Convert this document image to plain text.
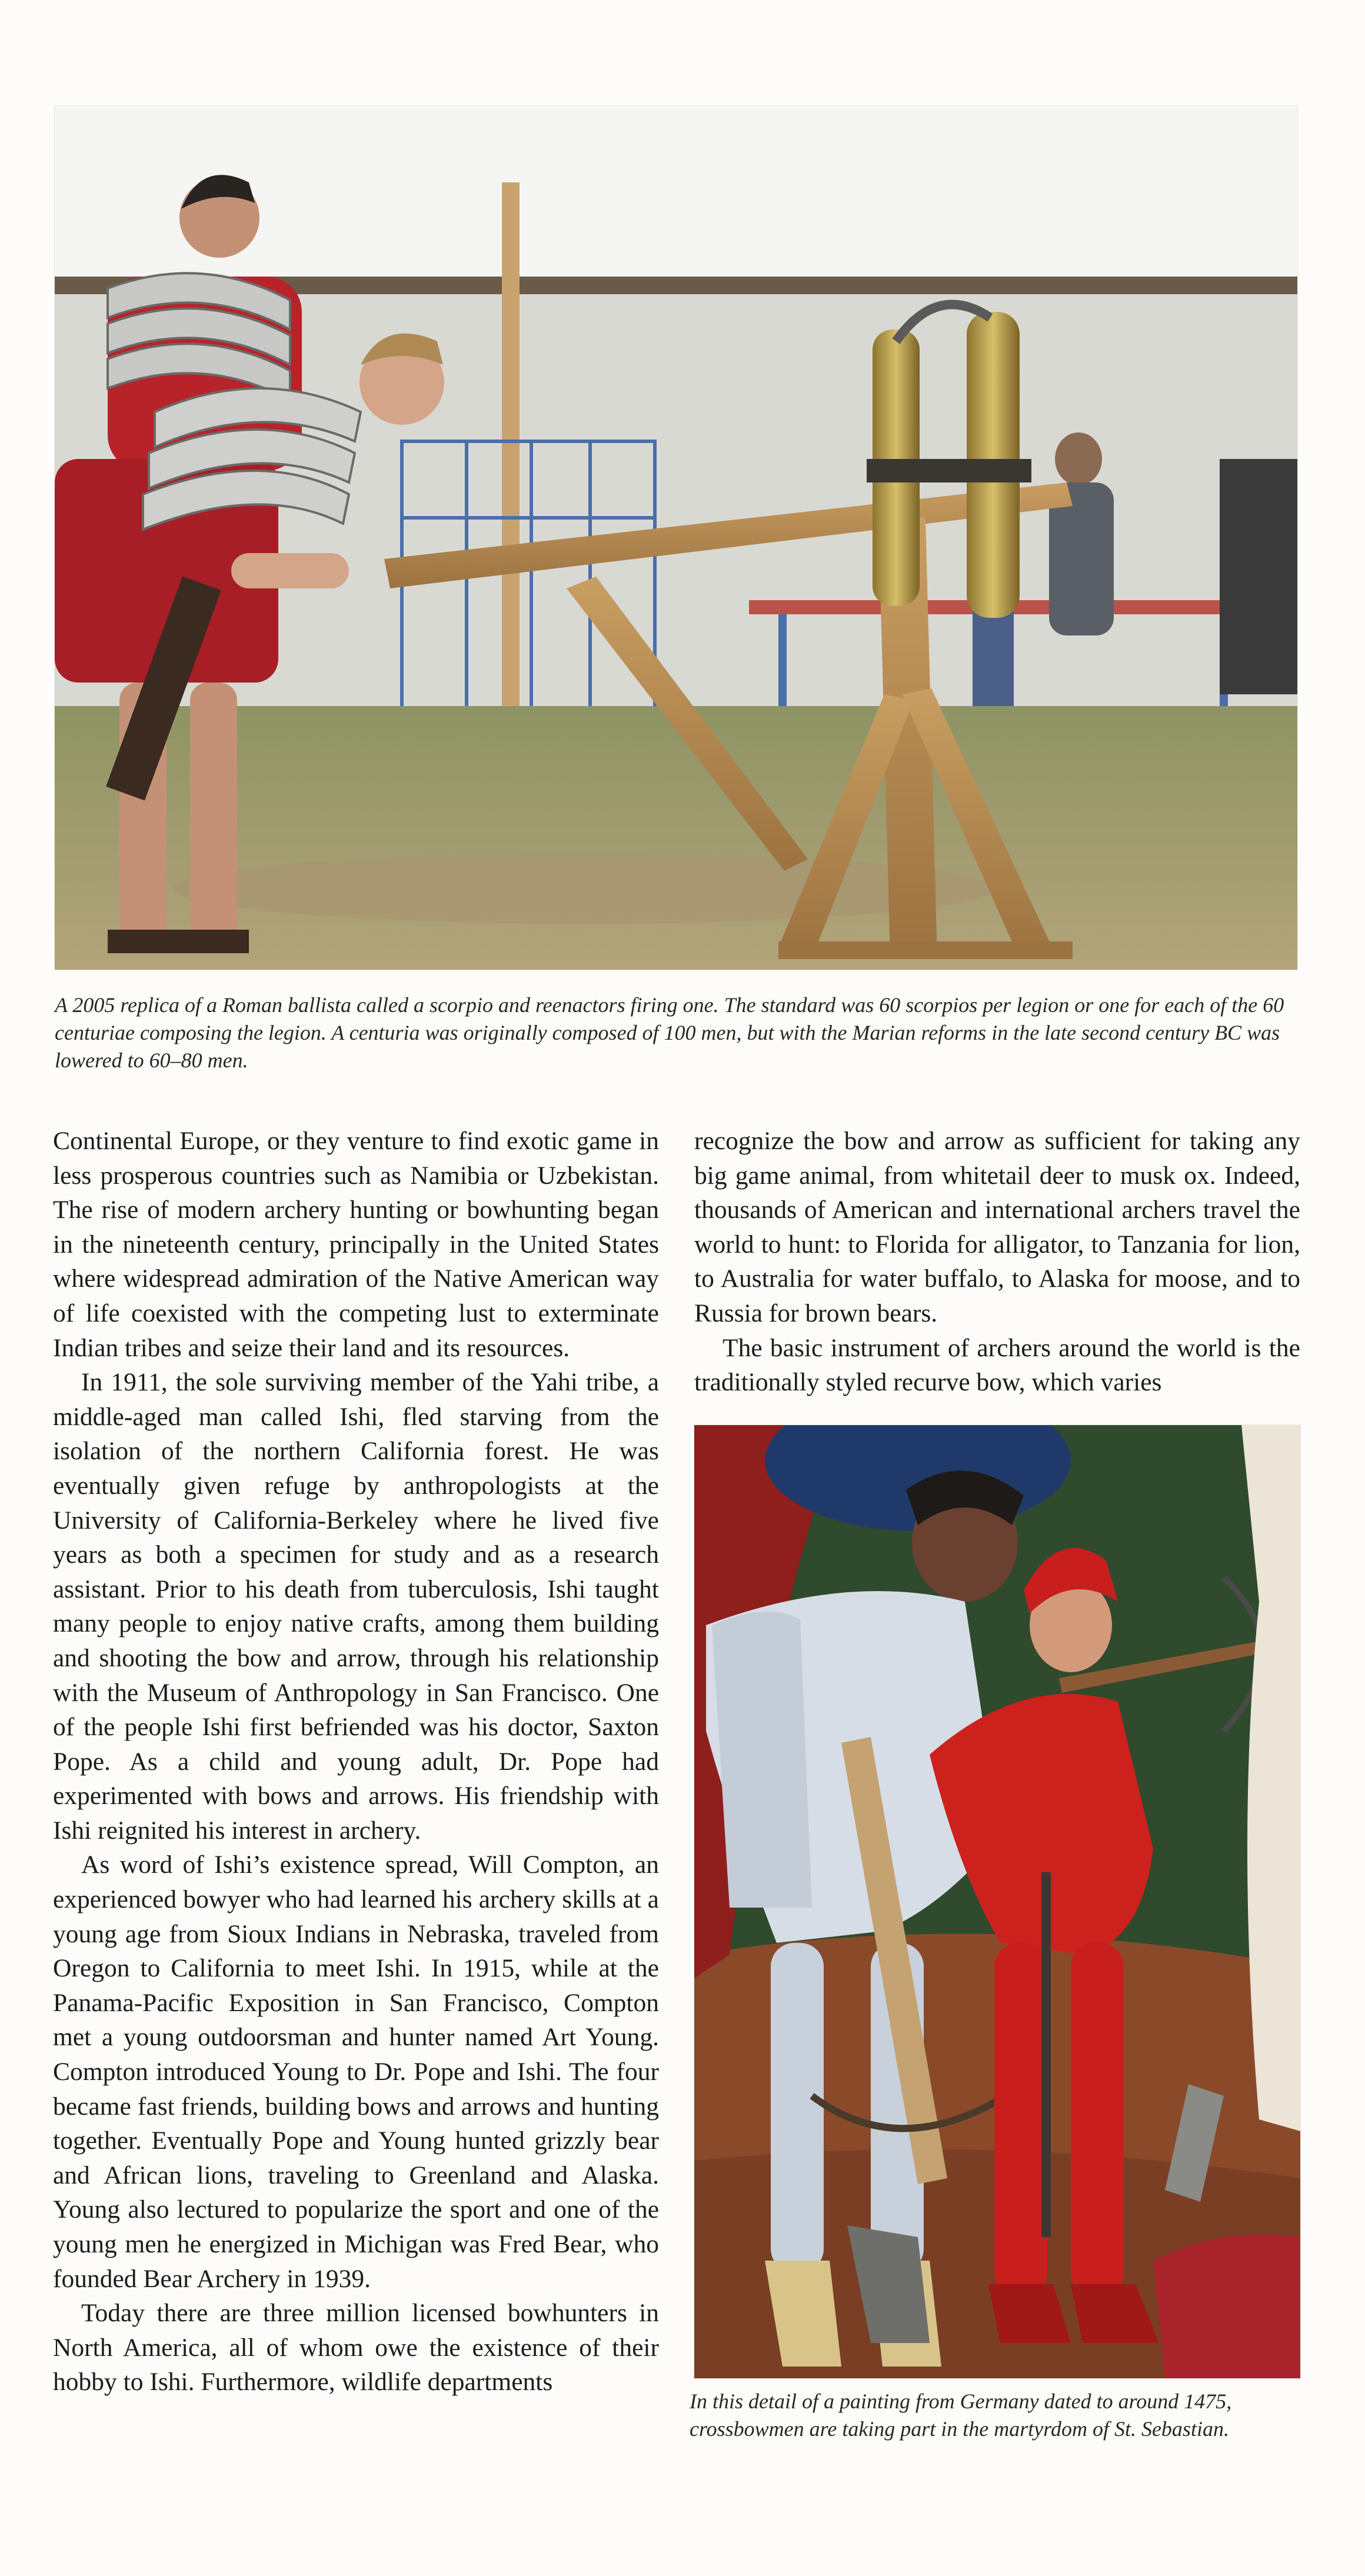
A 2005 replica of a Roman ballista called a scorpio and reenactors firing one. The standard was 60 scorpios per legion or one for each of the 60 centuriae composing the legion. A centuria was originally composed of 100 men, but with the Marian reforms in the late second century BC was lowered to 60–80 men.

Continental Europe, or they venture to find exotic game in less prosperous countries such as Namibia or Uzbekistan. The rise of modern archery hunting or bowhunting began in the nineteenth century, principally in the United States where widespread admiration of the Native American way of life coexisted with the competing lust to exterminate Indian tribes and seize their land and its resources.

In 1911, the sole surviving member of the Yahi tribe, a middle-aged man called Ishi, fled starving from the isolation of the northern California forest. He was eventually given refuge by anthropologists at the University of California-Berkeley where he lived five years as both a specimen for study and as a research assistant. Prior to his death from tuberculosis, Ishi taught many people to enjoy native crafts, among them building and shooting the bow and arrow, through his relationship with the Museum of Anthropology in San Francisco. One of the people Ishi first befriended was his doctor, Saxton Pope. As a child and young adult, Dr. Pope had experimented with bows and arrows. His friendship with Ishi reignited his interest in archery.

As word of Ishi’s existence spread, Will Compton, an experienced bowyer who had learned his archery skills at a young age from Sioux Indians in Nebraska, traveled from Oregon to California to meet Ishi. In 1915, while at the Panama-Pacific Exposition in San Francisco, Compton met a young outdoorsman and hunter named Art Young. Compton introduced Young to Dr. Pope and Ishi. The four became fast friends, building bows and arrows and hunting together. Eventually Pope and Young hunted grizzly bear and African lions, traveling to Greenland and Alaska. Young also lectured to popularize the sport and one of the young men he energized in Michigan was Fred Bear, who founded Bear Archery in 1939.

Today there are three million licensed bowhunters in North America, all of whom owe the existence of their hobby to Ishi. Furthermore, wildlife departments

recognize the bow and arrow as sufficient for taking any big game animal, from whitetail deer to musk ox. Indeed, thousands of American and international archers travel the world to hunt: to Florida for alligator, to Tanzania for lion, to Australia for water buffalo, to Alaska for moose, and to Russia for brown bears.

The basic instrument of archers around the world is the traditionally styled recurve bow, which varies

In this detail of a painting from Germany dated to around 1475, crossbowmen are taking part in the martyrdom of St. Sebastian.
